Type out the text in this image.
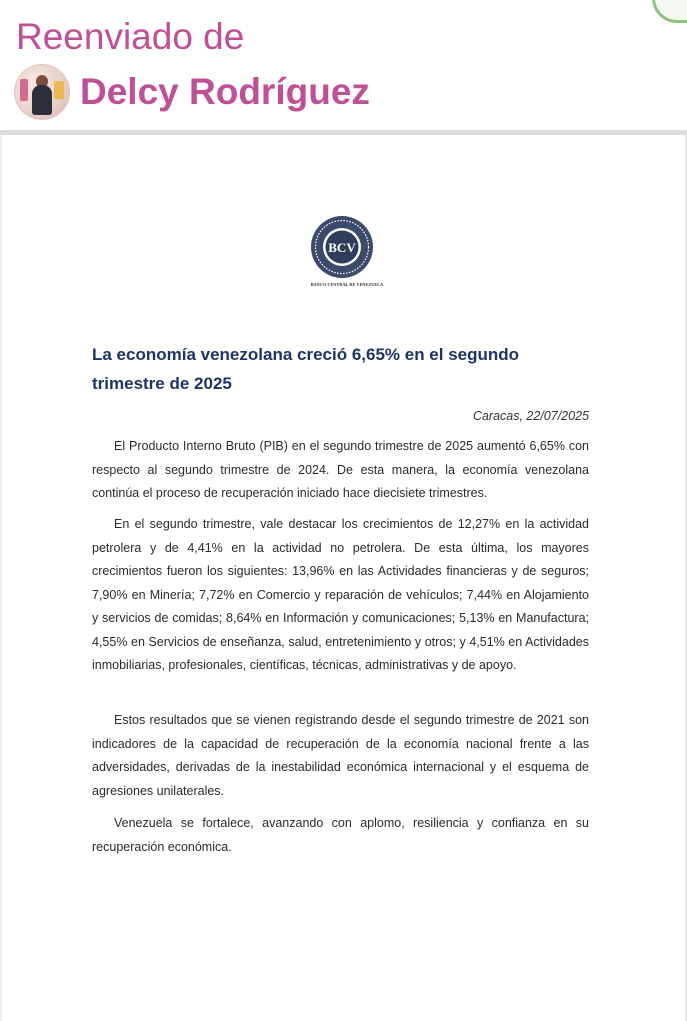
Reenviado de
Delcy Rodríguez
BCV
BANCO CENTRAL DE VENEZUELA
La economía venezolana creció 6,65% en el segundo trimestre de 2025
Caracas, 22/07/2025

El Producto Interno Bruto (PIB) en el segundo trimestre de 2025 aumentó 6,65% con respecto al segundo trimestre de 2024. De esta manera, la economía venezolana continúa el proceso de recuperación iniciado hace diecisiete trimestres.

En el segundo trimestre, vale destacar los crecimientos de 12,27% en la actividad petrolera y de 4,41% en la actividad no petrolera. De esta última, los mayores crecimientos fueron los siguientes: 13,96% en las Actividades financieras y de seguros; 7,90% en Minería; 7,72% en Comercio y reparación de vehículos; 7,44% en Alojamiento y servicios de comidas; 8,64% en Información y comunicaciones; 5,13% en Manufactura; 4,55% en Servicios de enseñanza, salud, entretenimiento y otros; y 4,51% en Actividades inmobiliarias, profesionales, científicas, técnicas, administrativas y de apoyo.

Estos resultados que se vienen registrando desde el segundo trimestre de 2021 son indicadores de la capacidad de recuperación de la economía nacional frente a las adversidades, derivadas de la inestabilidad económica internacional y el esquema de agresiones unilaterales.

Venezuela se fortalece, avanzando con aplomo, resiliencia y confianza en su recuperación económica.
